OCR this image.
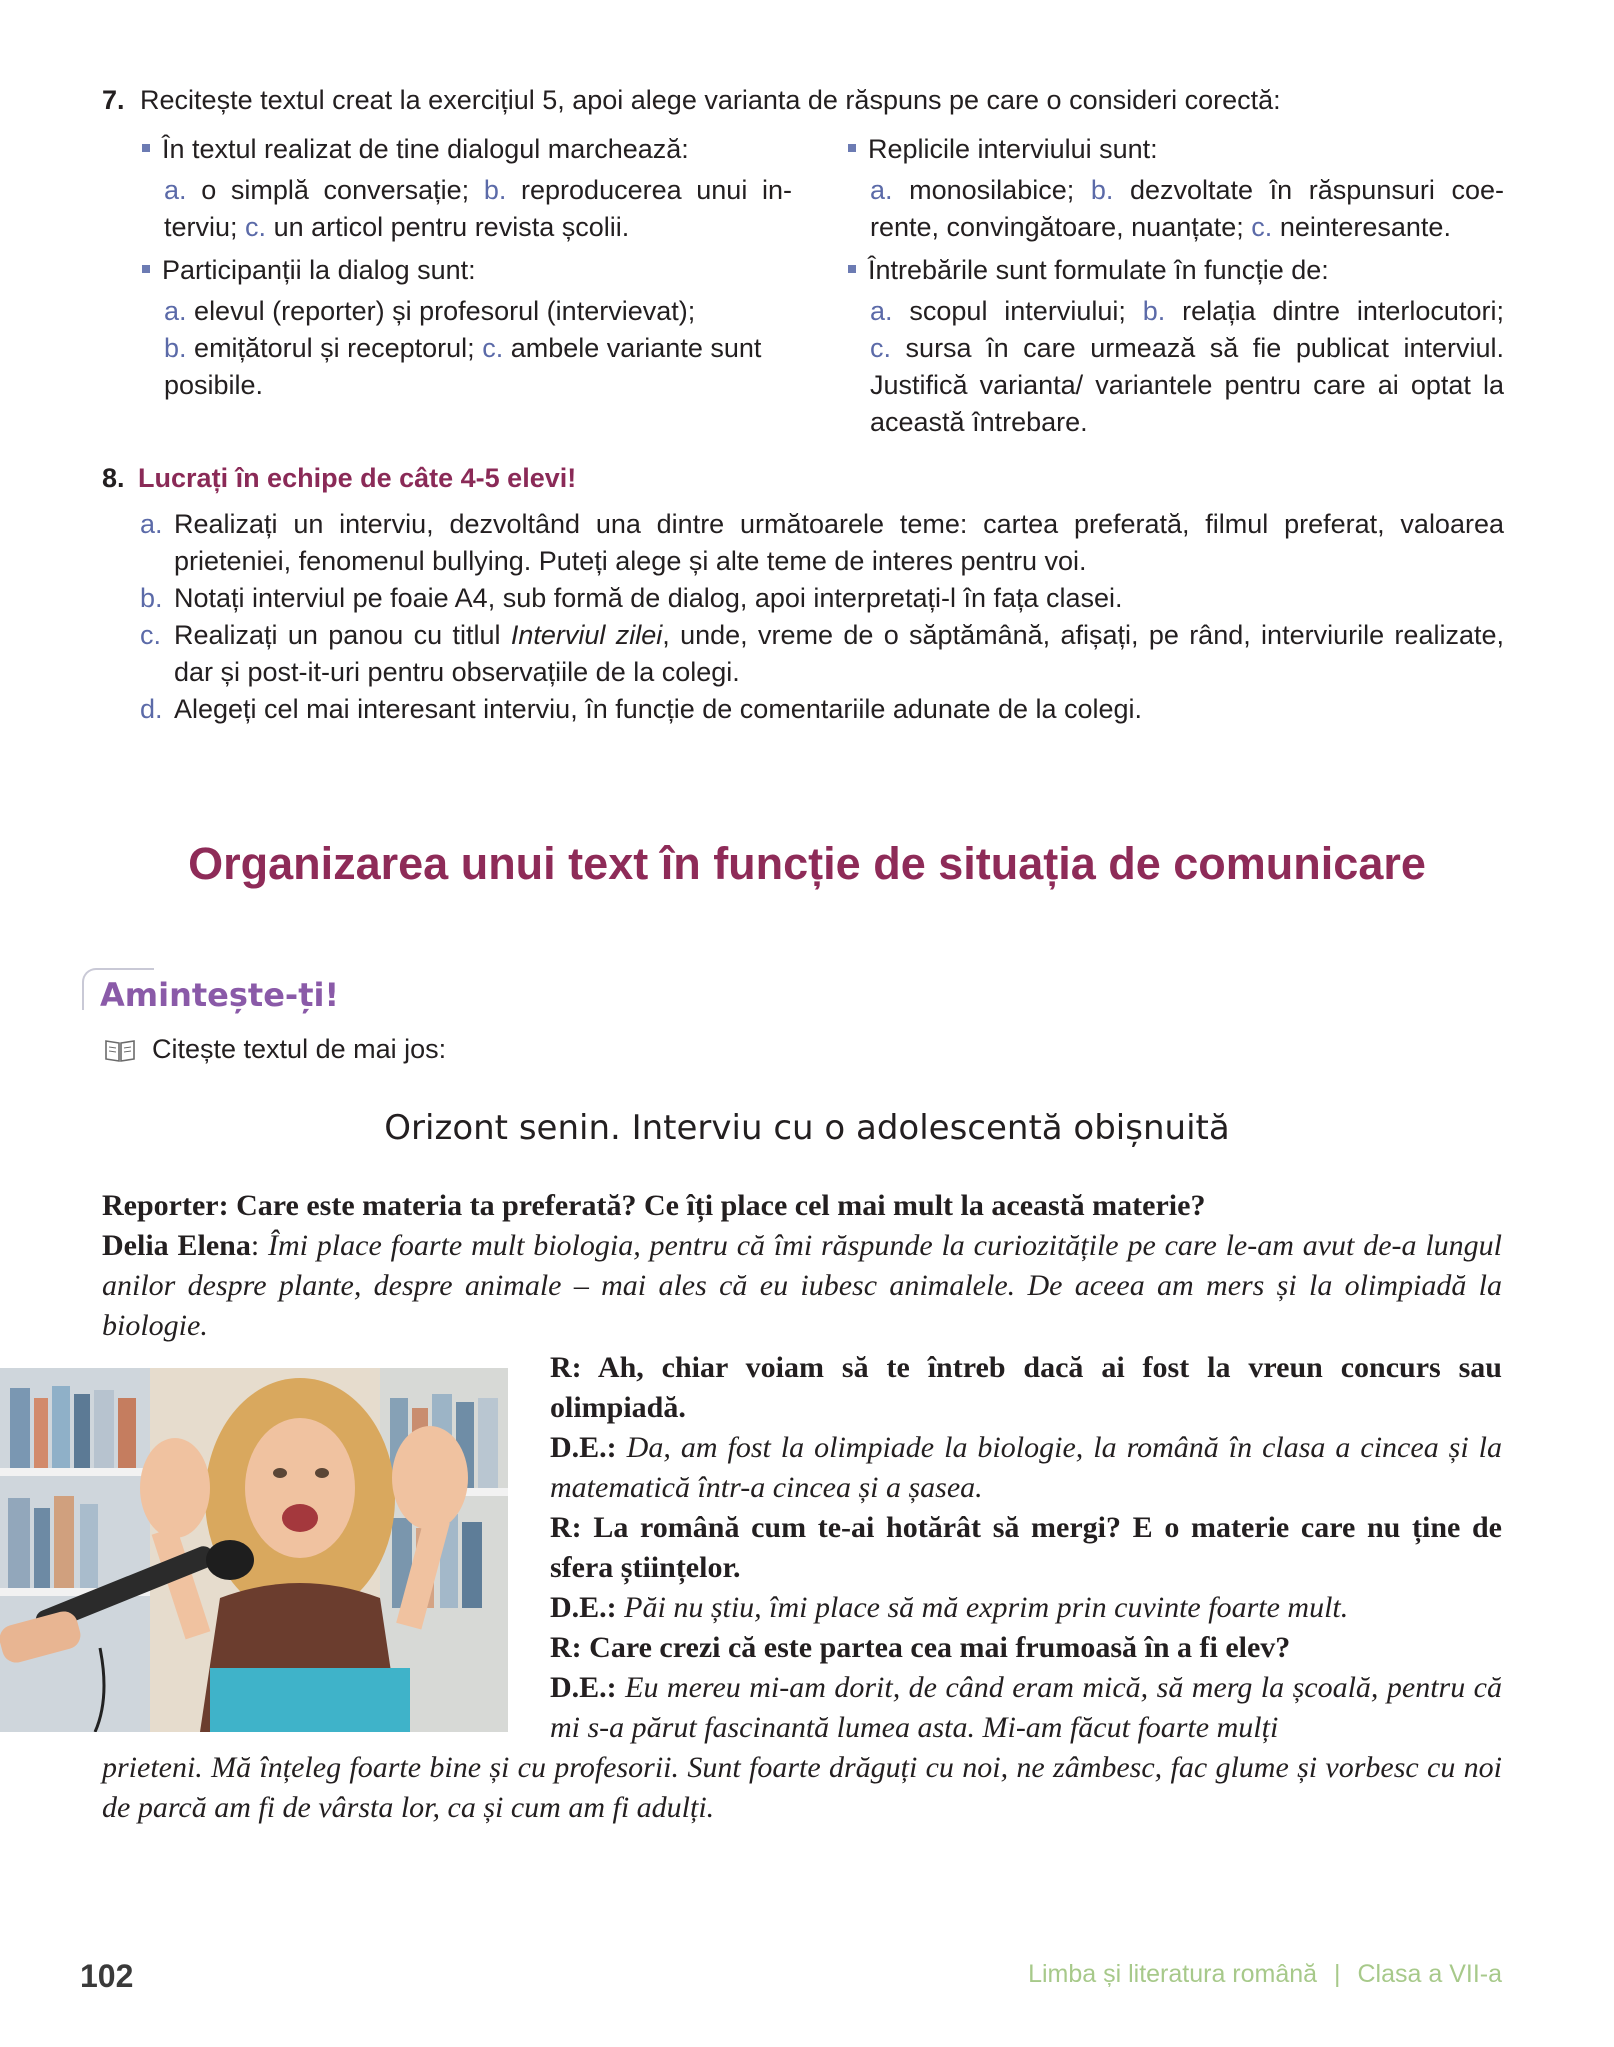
7. Recitește textul creat la exercițiul 5, apoi alege varianta de răspuns pe care o consideri corectă:

În textul realizat de tine dialogul marchează:

a. o simplă conversație; b. reproducerea unui in-

terviu; c. un articol pentru revista școlii.

Participanții la dialog sunt:

a. elevul (reporter) și profesorul (intervievat);

b. emițătorul și receptorul; c. ambele variante sunt

posibile.

Replicile interviului sunt:

a. monosilabice; b. dezvoltate în răspunsuri coe-

rente, convingătoare, nuanțate; c. neinteresante.

Întrebările sunt formulate în funcție de:

a. scopul interviului; b. relația dintre interlocutori;

c. sursa în care urmează să fie publicat interviul.

Justifică varianta/ variantele pentru care ai optat la această întrebare.

8. Lucrați în echipe de câte 4-5 elevi!
a. Realizați un interviu, dezvoltând una dintre următoarele teme: cartea preferată, filmul preferat, valoarea prieteniei, fenomenul bullying. Puteți alege și alte teme de interes pentru voi.
b. Notați interviul pe foaie A4, sub formă de dialog, apoi interpretați-l în fața clasei.
c. Realizați un panou cu titlul Interviul zilei, unde, vreme de o săptămână, afișați, pe rând, interviurile realizate, dar și post-it-uri pentru observațiile de la colegi.
d. Alegeți cel mai interesant interviu, în funcție de comentariile adunate de la colegi.
Organizarea unui text în funcție de situația de comunicare
Amintește-ți!
Citește textul de mai jos:
Orizont senin. Interviu cu o adolescentă obișnuită
Reporter: Care este materia ta preferată? Ce îți place cel mai mult la această materie?
Delia Elena: Îmi place foarte mult biologia, pentru că îmi răspunde la curiozitățile pe care le-am avut de-a lungul anilor despre plante, despre animale – mai ales că eu iubesc animalele. De aceea am mers și la olimpiadă la biologie.
R: Ah, chiar voiam să te întreb dacă ai fost la vreun concurs sau olimpiadă.
D.E.: Da, am fost la olimpiade la biologie, la română în clasa a cincea și la matematică într-a cincea și a șasea.
R: La română cum te-ai hotărât să mergi? E o materie care nu ține de sfera științelor.
D.E.: Păi nu știu, îmi place să mă exprim prin cuvinte foarte mult.
R: Care crezi că este partea cea mai frumoasă în a fi elev?
D.E.: Eu mereu mi-am dorit, de când eram mică, să merg la școală, pentru că mi s-a părut fascinantă lumea asta. Mi-am făcut foarte mulți
prieteni. Mă înțeleg foarte bine și cu profesorii. Sunt foarte drăguți cu noi, ne zâmbesc, fac glume și vorbesc cu noi de parcă am fi de vârsta lor, ca și cum am fi adulți.
102	Limba și literatura română | Clasa a VII-a
